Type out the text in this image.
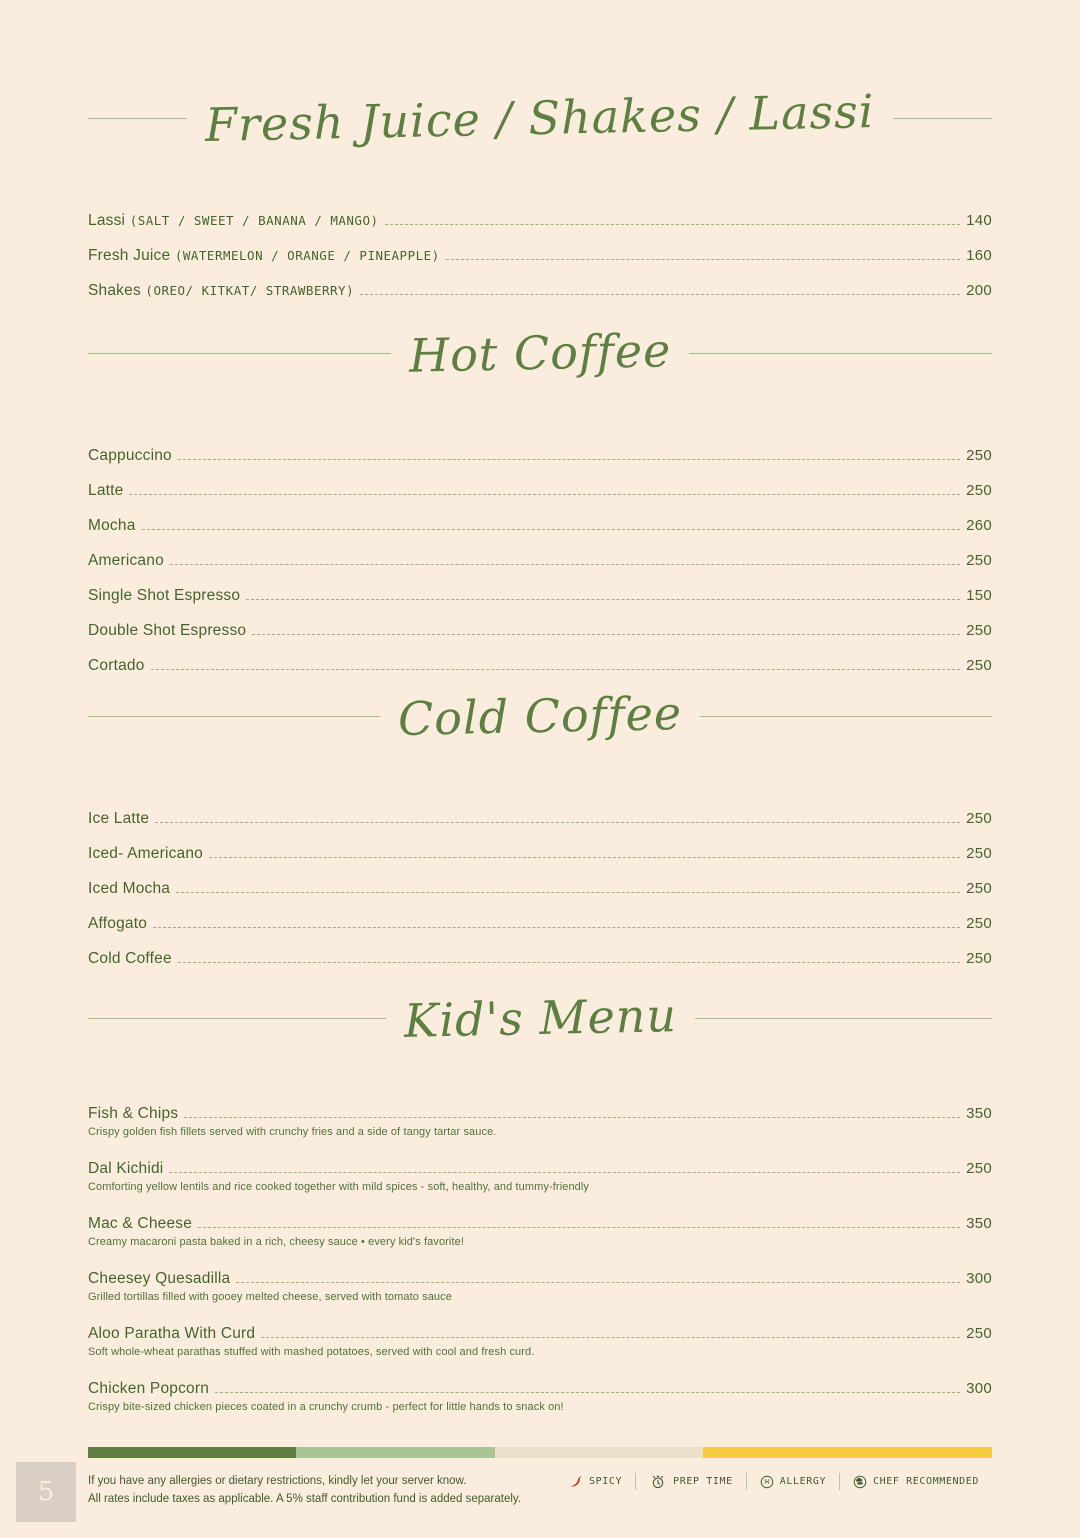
Fresh Juice / Shakes / Lassi
Lassi (SALT / SWEET / BANANA / MANGO)	140
Fresh Juice (WATERMELON / ORANGE / PINEAPPLE)	160
Shakes (OREO/ KITKAT/ STRAWBERRY)	200
Hot Coffee
Cappuccino	250
Latte	250
Mocha	260
Americano	250
Single Shot Espresso	150
Double Shot Espresso	250
Cortado	250
Cold Coffee
Ice Latte	250
Iced- Americano	250
Iced Mocha	250
Affogato	250
Cold Coffee	250
Kid's Menu
Fish & Chips	350
Crispy golden fish fillets served with crunchy fries and a side of tangy tartar sauce.
Dal Kichidi	250
Comforting yellow lentils and rice cooked together with mild spices - soft, healthy, and tummy-friendly
Mac & Cheese	350
Creamy macaroni pasta baked in a rich, cheesy sauce • every kid's favorite!
Cheesey Quesadilla	300
Grilled tortillas filled with gooey melted cheese, served with tomato sauce
Aloo Paratha With Curd	250
Soft whole-wheat parathas stuffed with mashed potatoes, served with cool and fresh curd.
Chicken Popcorn	300
Crispy bite-sized chicken pieces coated in a crunchy crumb - perfect for little hands to snack on!
If you have any allergies or dietary restrictions, kindly let your server know.
All rates include taxes as applicable. A 5% staff contribution fund is added separately.
SPICY	PREP TIME	ALLERGY	CHEF RECOMMENDED
5
